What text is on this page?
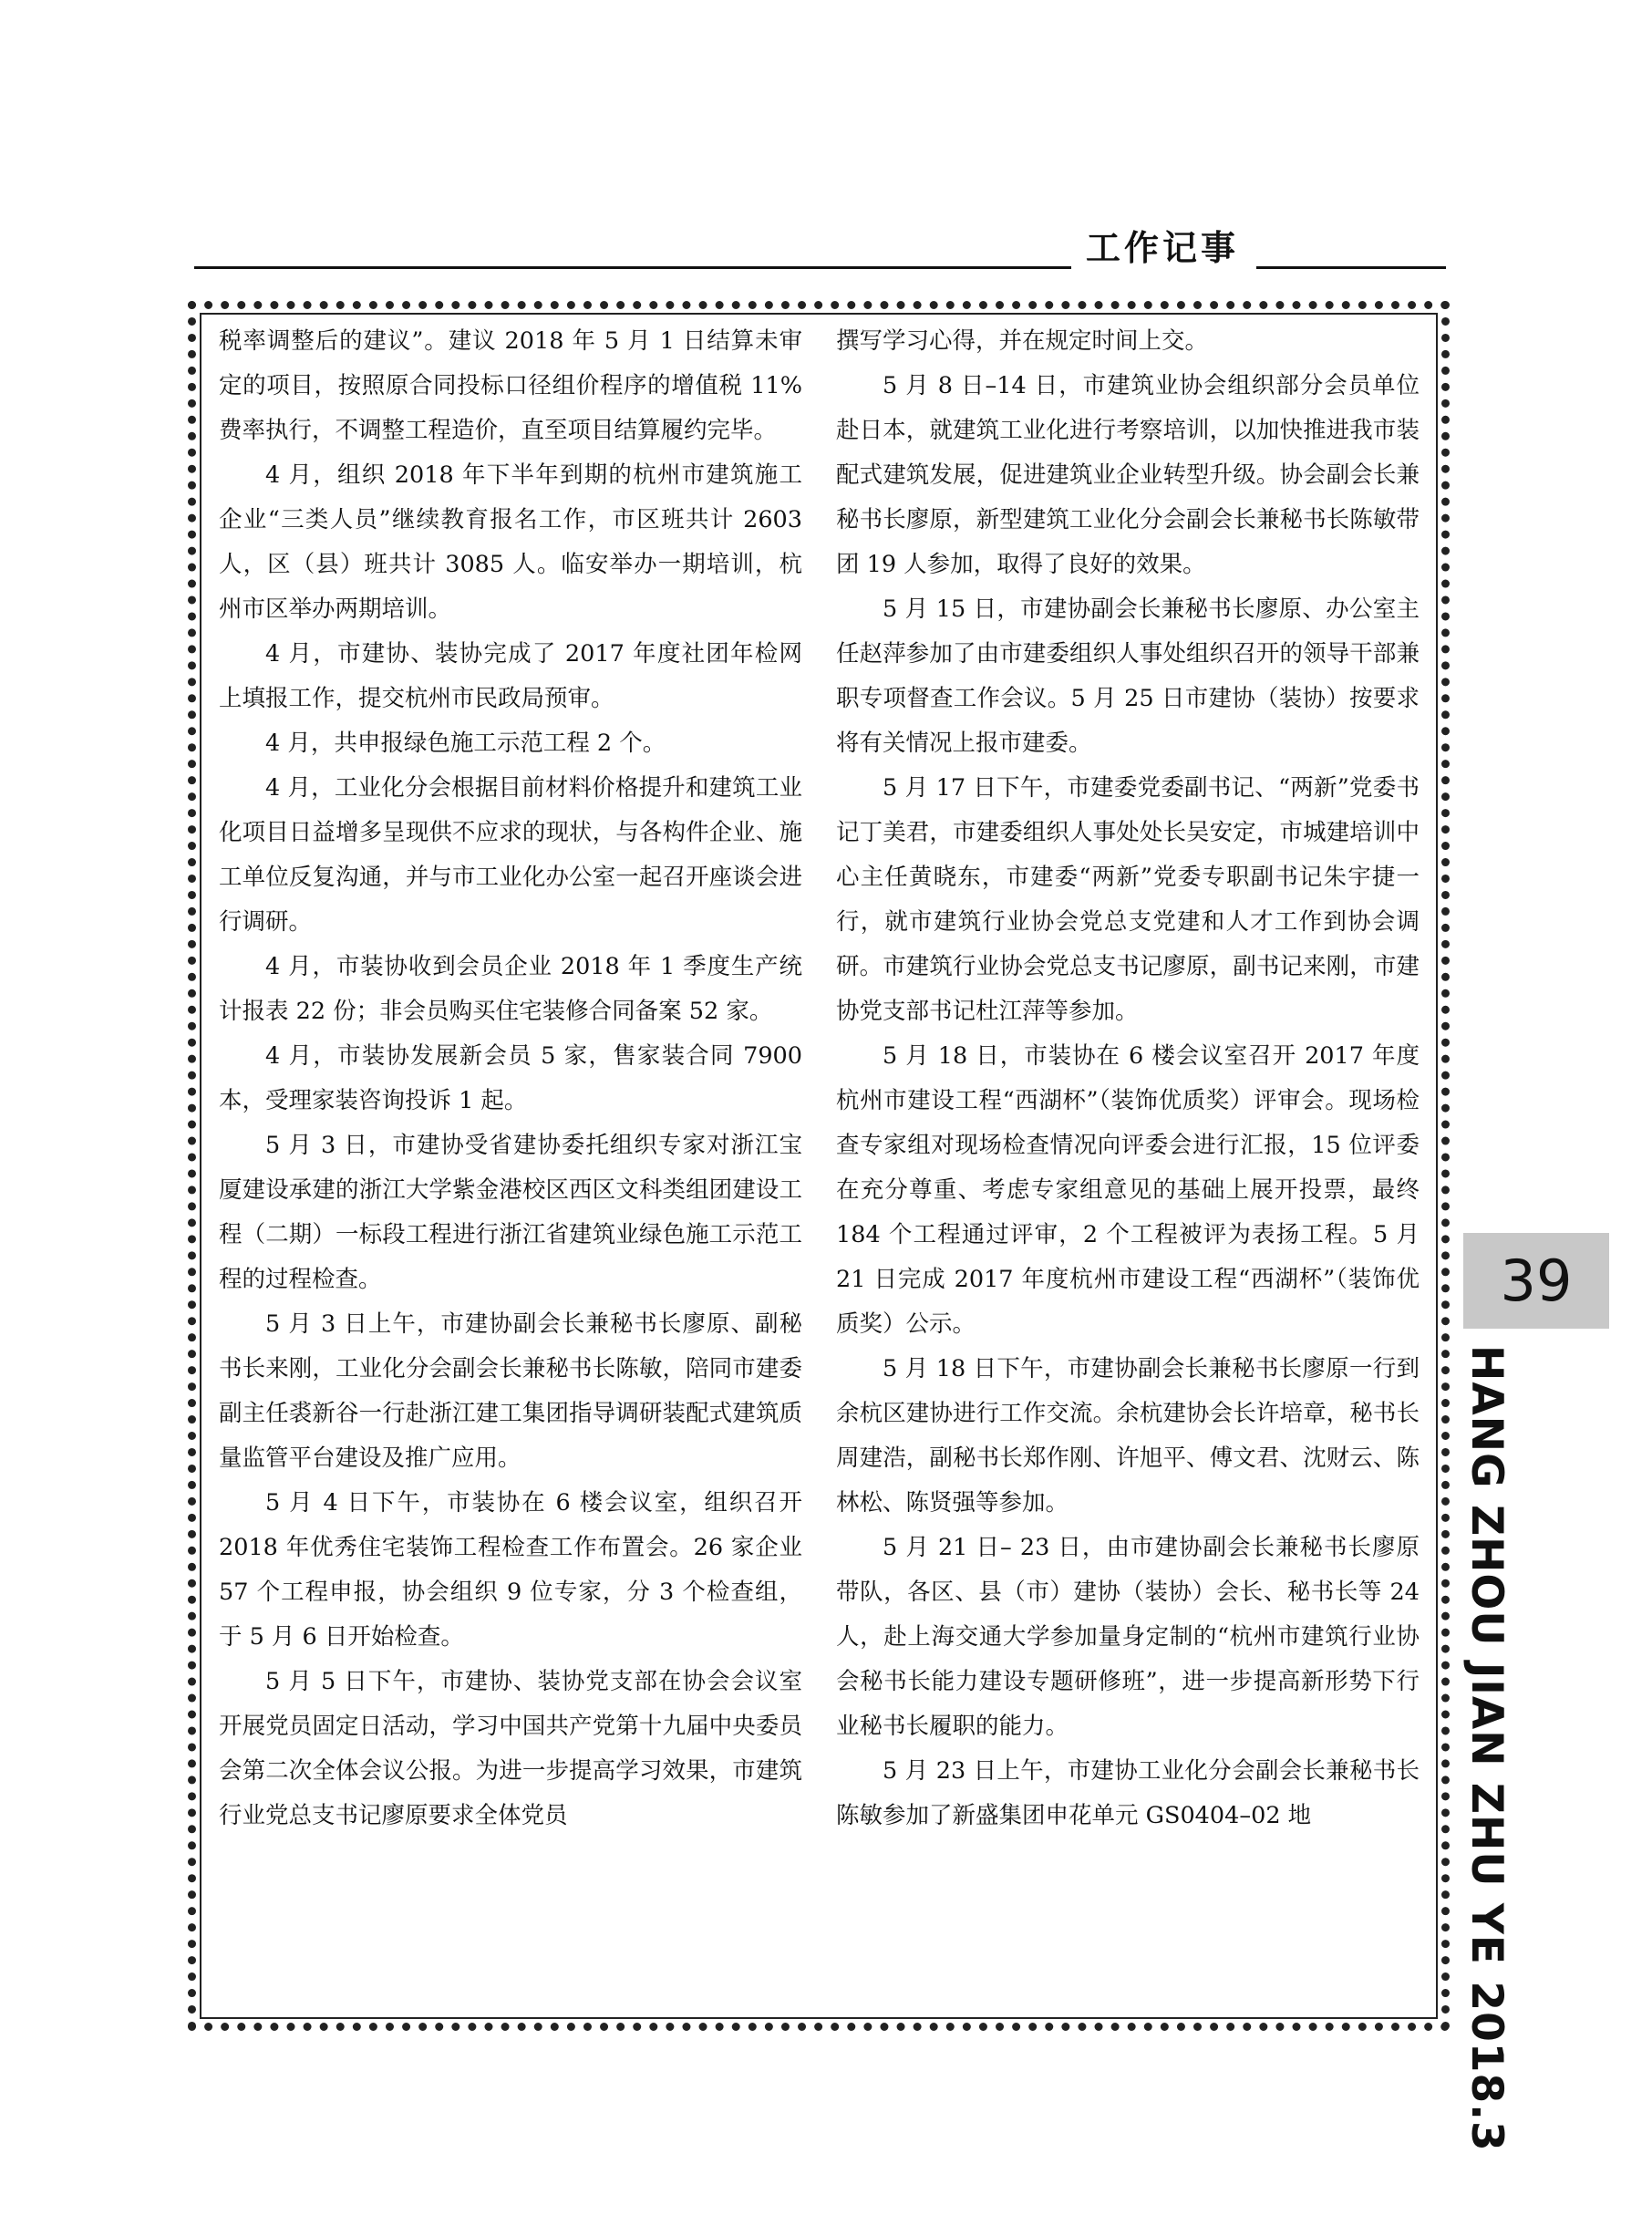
工作记事

税率调整后的建议”。建议 2018 年 5 月 1 日结算未审定的项目，按照原合同投标口径组价程序的增值税 11%费率执行，不调整工程造价，直至项目结算履约完毕。

4 月，组织 2018 年下半年到期的杭州市建筑施工企业“三类人员”继续教育报名工作，市区班共计 2603 人，区（县）班共计 3085 人。临安举办一期培训，杭州市区举办两期培训。

4 月，市建协、装协完成了 2017 年度社团年检网上填报工作，提交杭州市民政局预审。

4 月，共申报绿色施工示范工程 2 个。

4 月，工业化分会根据目前材料价格提升和建筑工业化项目日益增多呈现供不应求的现状，与各构件企业、施工单位反复沟通，并与市工业化办公室一起召开座谈会进行调研。

4 月，市装协收到会员企业 2018 年 1 季度生产统计报表 22 份；非会员购买住宅装修合同备案 52 家。

4 月，市装协发展新会员 5 家，售家装合同 7900 本，受理家装咨询投诉 1 起。

5 月 3 日，市建协受省建协委托组织专家对浙江宝厦建设承建的浙江大学紫金港校区西区文科类组团建设工程（二期）一标段工程进行浙江省建筑业绿色施工示范工程的过程检查。

5 月 3 日上午，市建协副会长兼秘书长廖原、副秘书长来刚，工业化分会副会长兼秘书长陈敏，陪同市建委副主任裘新谷一行赴浙江建工集团指导调研装配式建筑质量监管平台建设及推广应用。

5 月 4 日下午，市装协在 6 楼会议室，组织召开 2018 年优秀住宅装饰工程检查工作布置会。26 家企业 57 个工程申报，协会组织 9 位专家，分 3 个检查组，于 5 月 6 日开始检查。

5 月 5 日下午，市建协、装协党支部在协会会议室开展党员固定日活动，学习中国共产党第十九届中央委员会第二次全体会议公报。为进一步提高学习效果，市建筑行业党总支书记廖原要求全体党员

撰写学习心得，并在规定时间上交。

5 月 8 日–14 日，市建筑业协会组织部分会员单位赴日本，就建筑工业化进行考察培训，以加快推进我市装配式建筑发展，促进建筑业企业转型升级。协会副会长兼秘书长廖原，新型建筑工业化分会副会长兼秘书长陈敏带团 19 人参加，取得了良好的效果。

5 月 15 日，市建协副会长兼秘书长廖原、办公室主任赵萍参加了由市建委组织人事处组织召开的领导干部兼职专项督查工作会议。5 月 25 日市建协（装协）按要求将有关情况上报市建委。

5 月 17 日下午，市建委党委副书记、“两新”党委书记丁美君，市建委组织人事处处长吴安定，市城建培训中心主任黄晓东，市建委“两新”党委专职副书记朱宇捷一行，就市建筑行业协会党总支党建和人才工作到协会调研。市建筑行业协会党总支书记廖原，副书记来刚，市建协党支部书记杜江萍等参加。

5 月 18 日，市装协在 6 楼会议室召开 2017 年度杭州市建设工程“西湖杯”（装饰优质奖）评审会。现场检查专家组对现场检查情况向评委会进行汇报，15 位评委在充分尊重、考虑专家组意见的基础上展开投票，最终 184 个工程通过评审，2 个工程被评为表扬工程。5 月 21 日完成 2017 年度杭州市建设工程“西湖杯”（装饰优质奖）公示。

5 月 18 日下午，市建协副会长兼秘书长廖原一行到余杭区建协进行工作交流。余杭建协会长许培章，秘书长周建浩，副秘书长郑作刚、许旭平、傅文君、沈财云、陈林松、陈贤强等参加。

5 月 21 日– 23 日，由市建协副会长兼秘书长廖原带队，各区、县（市）建协（装协）会长、秘书长等 24 人，赴上海交通大学参加量身定制的“杭州市建筑行业协会秘书长能力建设专题研修班”，进一步提高新形势下行业秘书长履职的能力。

5 月 23 日上午，市建协工业化分会副会长兼秘书长陈敏参加了新盛集团申花单元 GS0404–02 地

39
HANG ZHOU JIAN ZHU YE 2018.3
